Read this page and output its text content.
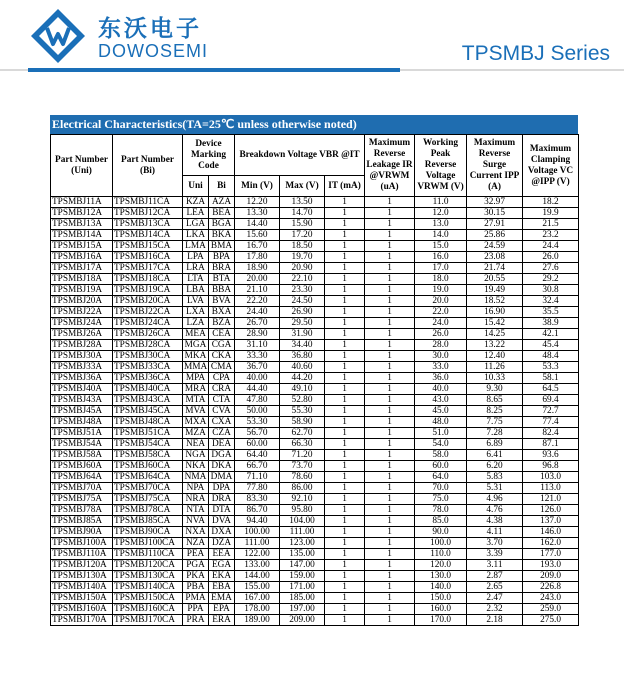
东沃电子
DOWOSEMI	TPSMBJ Series
Electrical Characteristics(TA=25℃ unless otherwise noted)
Part Number (Uni)	Part Number (Bi)	Device Marking Code		Breakdown Voltage VBR @IT			Maximum Reverse Leakage IR @VRWM (uA)	Working Peak Reverse Voltage VRWM (V)	Maximum Reverse Surge Current IPP (A)	Maximum Clamping Voltage VC @IPP (V)
		Uni	Bi	Min (V)	Max (V)	IT (mA)				
TPSMBJ11A	TPSMBJ11CA	KZA	AZA	12.20	13.50	1	1	11.0	32.97	18.2
TPSMBJ12A	TPSMBJ12CA	LEA	BEA	13.30	14.70	1	1	12.0	30.15	19.9
TPSMBJ13A	TPSMBJ13CA	LGA	BGA	14.40	15.90	1	1	13.0	27.91	21.5
TPSMBJ14A	TPSMBJ14CA	LKA	BKA	15.60	17.20	1	1	14.0	25.86	23.2
TPSMBJ15A	TPSMBJ15CA	LMA	BMA	16.70	18.50	1	1	15.0	24.59	24.4
TPSMBJ16A	TPSMBJ16CA	LPA	BPA	17.80	19.70	1	1	16.0	23.08	26.0
TPSMBJ17A	TPSMBJ17CA	LRA	BRA	18.90	20.90	1	1	17.0	21.74	27.6
TPSMBJ18A	TPSMBJ18CA	LTA	BTA	20.00	22.10	1	1	18.0	20.55	29.2
TPSMBJ19A	TPSMBJ19CA	LBA	BBA	21.10	23.30	1	1	19.0	19.49	30.8
TPSMBJ20A	TPSMBJ20CA	LVA	BVA	22.20	24.50	1	1	20.0	18.52	32.4
TPSMBJ22A	TPSMBJ22CA	LXA	BXA	24.40	26.90	1	1	22.0	16.90	35.5
TPSMBJ24A	TPSMBJ24CA	LZA	BZA	26.70	29.50	1	1	24.0	15.42	38.9
TPSMBJ26A	TPSMBJ26CA	MEA	CEA	28.90	31.90	1	1	26.0	14.25	42.1
TPSMBJ28A	TPSMBJ28CA	MGA	CGA	31.10	34.40	1	1	28.0	13.22	45.4
TPSMBJ30A	TPSMBJ30CA	MKA	CKA	33.30	36.80	1	1	30.0	12.40	48.4
TPSMBJ33A	TPSMBJ33CA	MMA	CMA	36.70	40.60	1	1	33.0	11.26	53.3
TPSMBJ36A	TPSMBJ36CA	MPA	CPA	40.00	44.20	1	1	36.0	10.33	58.1
TPSMBJ40A	TPSMBJ40CA	MRA	CRA	44.40	49.10	1	1	40.0	9.30	64.5
TPSMBJ43A	TPSMBJ43CA	MTA	CTA	47.80	52.80	1	1	43.0	8.65	69.4
TPSMBJ45A	TPSMBJ45CA	MVA	CVA	50.00	55.30	1	1	45.0	8.25	72.7
TPSMBJ48A	TPSMBJ48CA	MXA	CXA	53.30	58.90	1	1	48.0	7.75	77.4
TPSMBJ51A	TPSMBJ51CA	MZA	CZA	56.70	62.70	1	1	51.0	7.28	82.4
TPSMBJ54A	TPSMBJ54CA	NEA	DEA	60.00	66.30	1	1	54.0	6.89	87.1
TPSMBJ58A	TPSMBJ58CA	NGA	DGA	64.40	71.20	1	1	58.0	6.41	93.6
TPSMBJ60A	TPSMBJ60CA	NKA	DKA	66.70	73.70	1	1	60.0	6.20	96.8
TPSMBJ64A	TPSMBJ64CA	NMA	DMA	71.10	78.60	1	1	64.0	5.83	103.0
TPSMBJ70A	TPSMBJ70CA	NPA	DPA	77.80	86.00	1	1	70.0	5.31	113.0
TPSMBJ75A	TPSMBJ75CA	NRA	DRA	83.30	92.10	1	1	75.0	4.96	121.0
TPSMBJ78A	TPSMBJ78CA	NTA	DTA	86.70	95.80	1	1	78.0	4.76	126.0
TPSMBJ85A	TPSMBJ85CA	NVA	DVA	94.40	104.00	1	1	85.0	4.38	137.0
TPSMBJ90A	TPSMBJ90CA	NXA	DXA	100.00	111.00	1	1	90.0	4.11	146.0
TPSMBJ100A	TPSMBJ100CA	NZA	DZA	111.00	123.00	1	1	100.0	3.70	162.0
TPSMBJ110A	TPSMBJ110CA	PEA	EEA	122.00	135.00	1	1	110.0	3.39	177.0
TPSMBJ120A	TPSMBJ120CA	PGA	EGA	133.00	147.00	1	1	120.0	3.11	193.0
TPSMBJ130A	TPSMBJ130CA	PKA	EKA	144.00	159.00	1	1	130.0	2.87	209.0
TPSMBJ140A	TPSMBJ140CA	PBA	EBA	155.00	171.00	1	1	140.0	2.65	226.8
TPSMBJ150A	TPSMBJ150CA	PMA	EMA	167.00	185.00	1	1	150.0	2.47	243.0
TPSMBJ160A	TPSMBJ160CA	PPA	EPA	178.00	197.00	1	1	160.0	2.32	259.0
TPSMBJ170A	TPSMBJ170CA	PRA	ERA	189.00	209.00	1	1	170.0	2.18	275.0
